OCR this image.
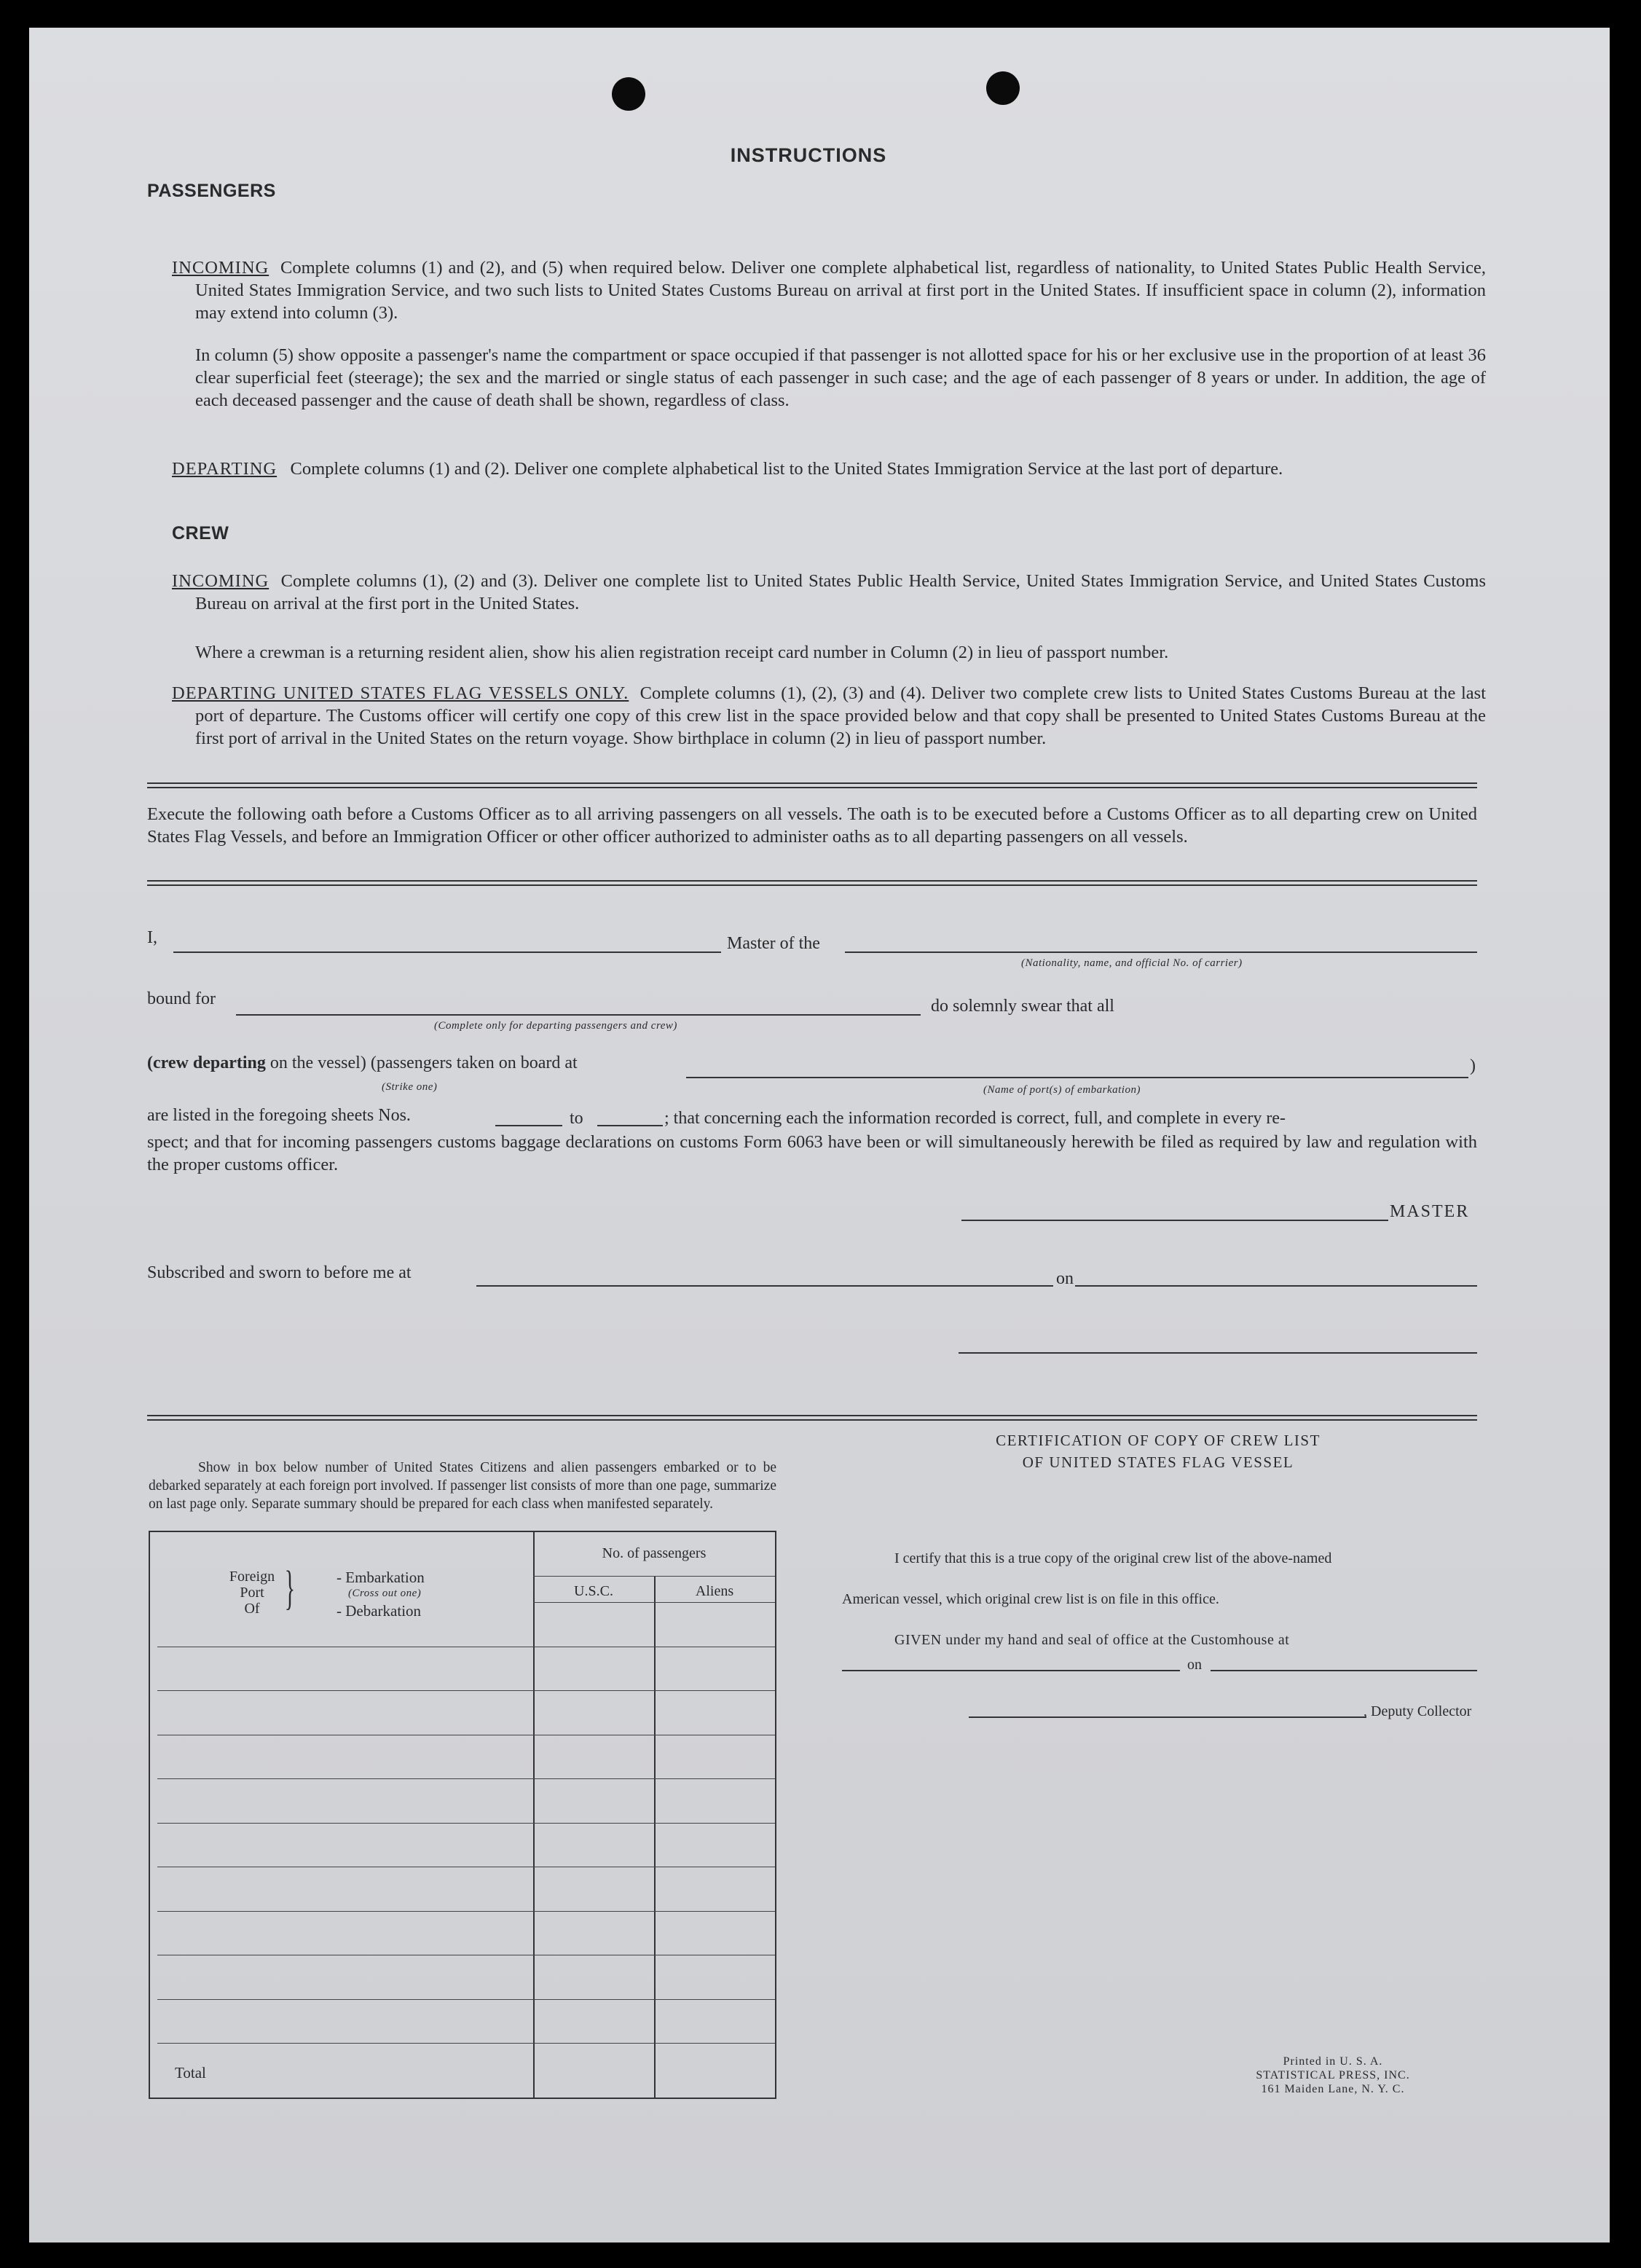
INSTRUCTIONS
PASSENGERS

INCOMING Complete columns (1) and (2), and (5) when required below. Deliver one complete alphabetical list, regardless of nationality, to United States Public Health Service, United States Immigration Service, and two such lists to United States Customs Bureau on arrival at first port in the United States. If insufficient space in column (2), information may extend into column (3).

In column (5) show opposite a passenger's name the compartment or space occupied if that passenger is not allotted space for his or her exclusive use in the proportion of at least 36 clear superficial feet (steerage); the sex and the married or single status of each passenger in such case; and the age of each passenger of 8 years or under. In addition, the age of each deceased passenger and the cause of death shall be shown, regardless of class.

DEPARTING Complete columns (1) and (2). Deliver one complete alphabetical list to the United States Immigration Service at the last port of departure.

CREW

INCOMING Complete columns (1), (2) and (3). Deliver one complete list to United States Public Health Service, United States Immigration Service, and United States Customs Bureau on arrival at the first port in the United States.

Where a crewman is a returning resident alien, show his alien registration receipt card number in Column (2) in lieu of passport number.

DEPARTING UNITED STATES FLAG VESSELS ONLY. Complete columns (1), (2), (3) and (4). Deliver two complete crew lists to United States Customs Bureau at the last port of departure. The Customs officer will certify one copy of this crew list in the space provided below and that copy shall be presented to United States Customs Bureau at the first port of arrival in the United States on the return voyage. Show birthplace in column (2) in lieu of passport number.

Execute the following oath before a Customs Officer as to all arriving passengers on all vessels. The oath is to be executed before a Customs Officer as to all departing crew on United States Flag Vessels, and before an Immigration Officer or other officer authorized to administer oaths as to all departing passengers on all vessels.

I,	Master of the
(Nationality, name, and official No. of carrier)
bound for
(Complete only for departing passengers and crew)
do solemnly swear that all
(crew departing on the vessel) (passengers taken on board at	)
(Strike one)	(Name of port(s) of embarkation)
are listed in the foregoing sheets Nos.	to	; that concerning each the information recorded is correct, full, and complete in every re-

spect; and that for incoming passengers customs baggage declarations on customs Form 6063 have been or will simultaneously herewith be filed as required by law and regulation with the proper customs officer.

MASTER
Subscribed and sworn to before me at	on

Show in box below number of United States Citizens and alien passengers embarked or to be debarked separately at each foreign port involved. If passenger list consists of more than one page, summarize on last page only. Separate summary should be prepared for each class when manifested separately.

Foreign
Port
Of }	- Embarkation
(Cross out one)
- Debarkation
No. of passengers
U.S.C.	Aliens
Total
CERTIFICATION OF COPY OF CREW LIST
OF UNITED STATES FLAG VESSEL
I certify that this is a true copy of the original crew list of the above-named
American vessel, which original crew list is on file in this office.
GIVEN under my hand and seal of office at the Customhouse at
on
, Deputy Collector
Printed in U. S. A.
STATISTICAL PRESS, INC.
161 Maiden Lane, N. Y. C.
